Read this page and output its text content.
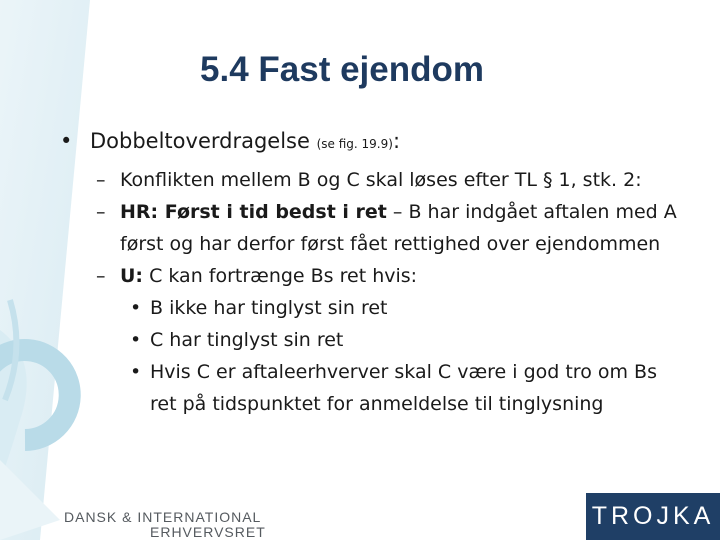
5.4 Fast ejendom
• Dobbeltoverdragelse (se fig. 19.9):
– Konflikten mellem B og C skal løses efter TL § 1, stk. 2:
– HR: Først i tid bedst i ret – B har indgået aftalen med A
først og har derfor først fået rettighed over ejendommen
– U: C kan fortrænge Bs ret hvis:
• B ikke har tinglyst sin ret
• C har tinglyst sin ret
• Hvis C er aftaleerhverver skal C være i god tro om Bs
ret på tidspunktet for anmeldelse til tinglysning
DANSK & INTERNATIONAL
ERHVERVSRET
TROJKA
